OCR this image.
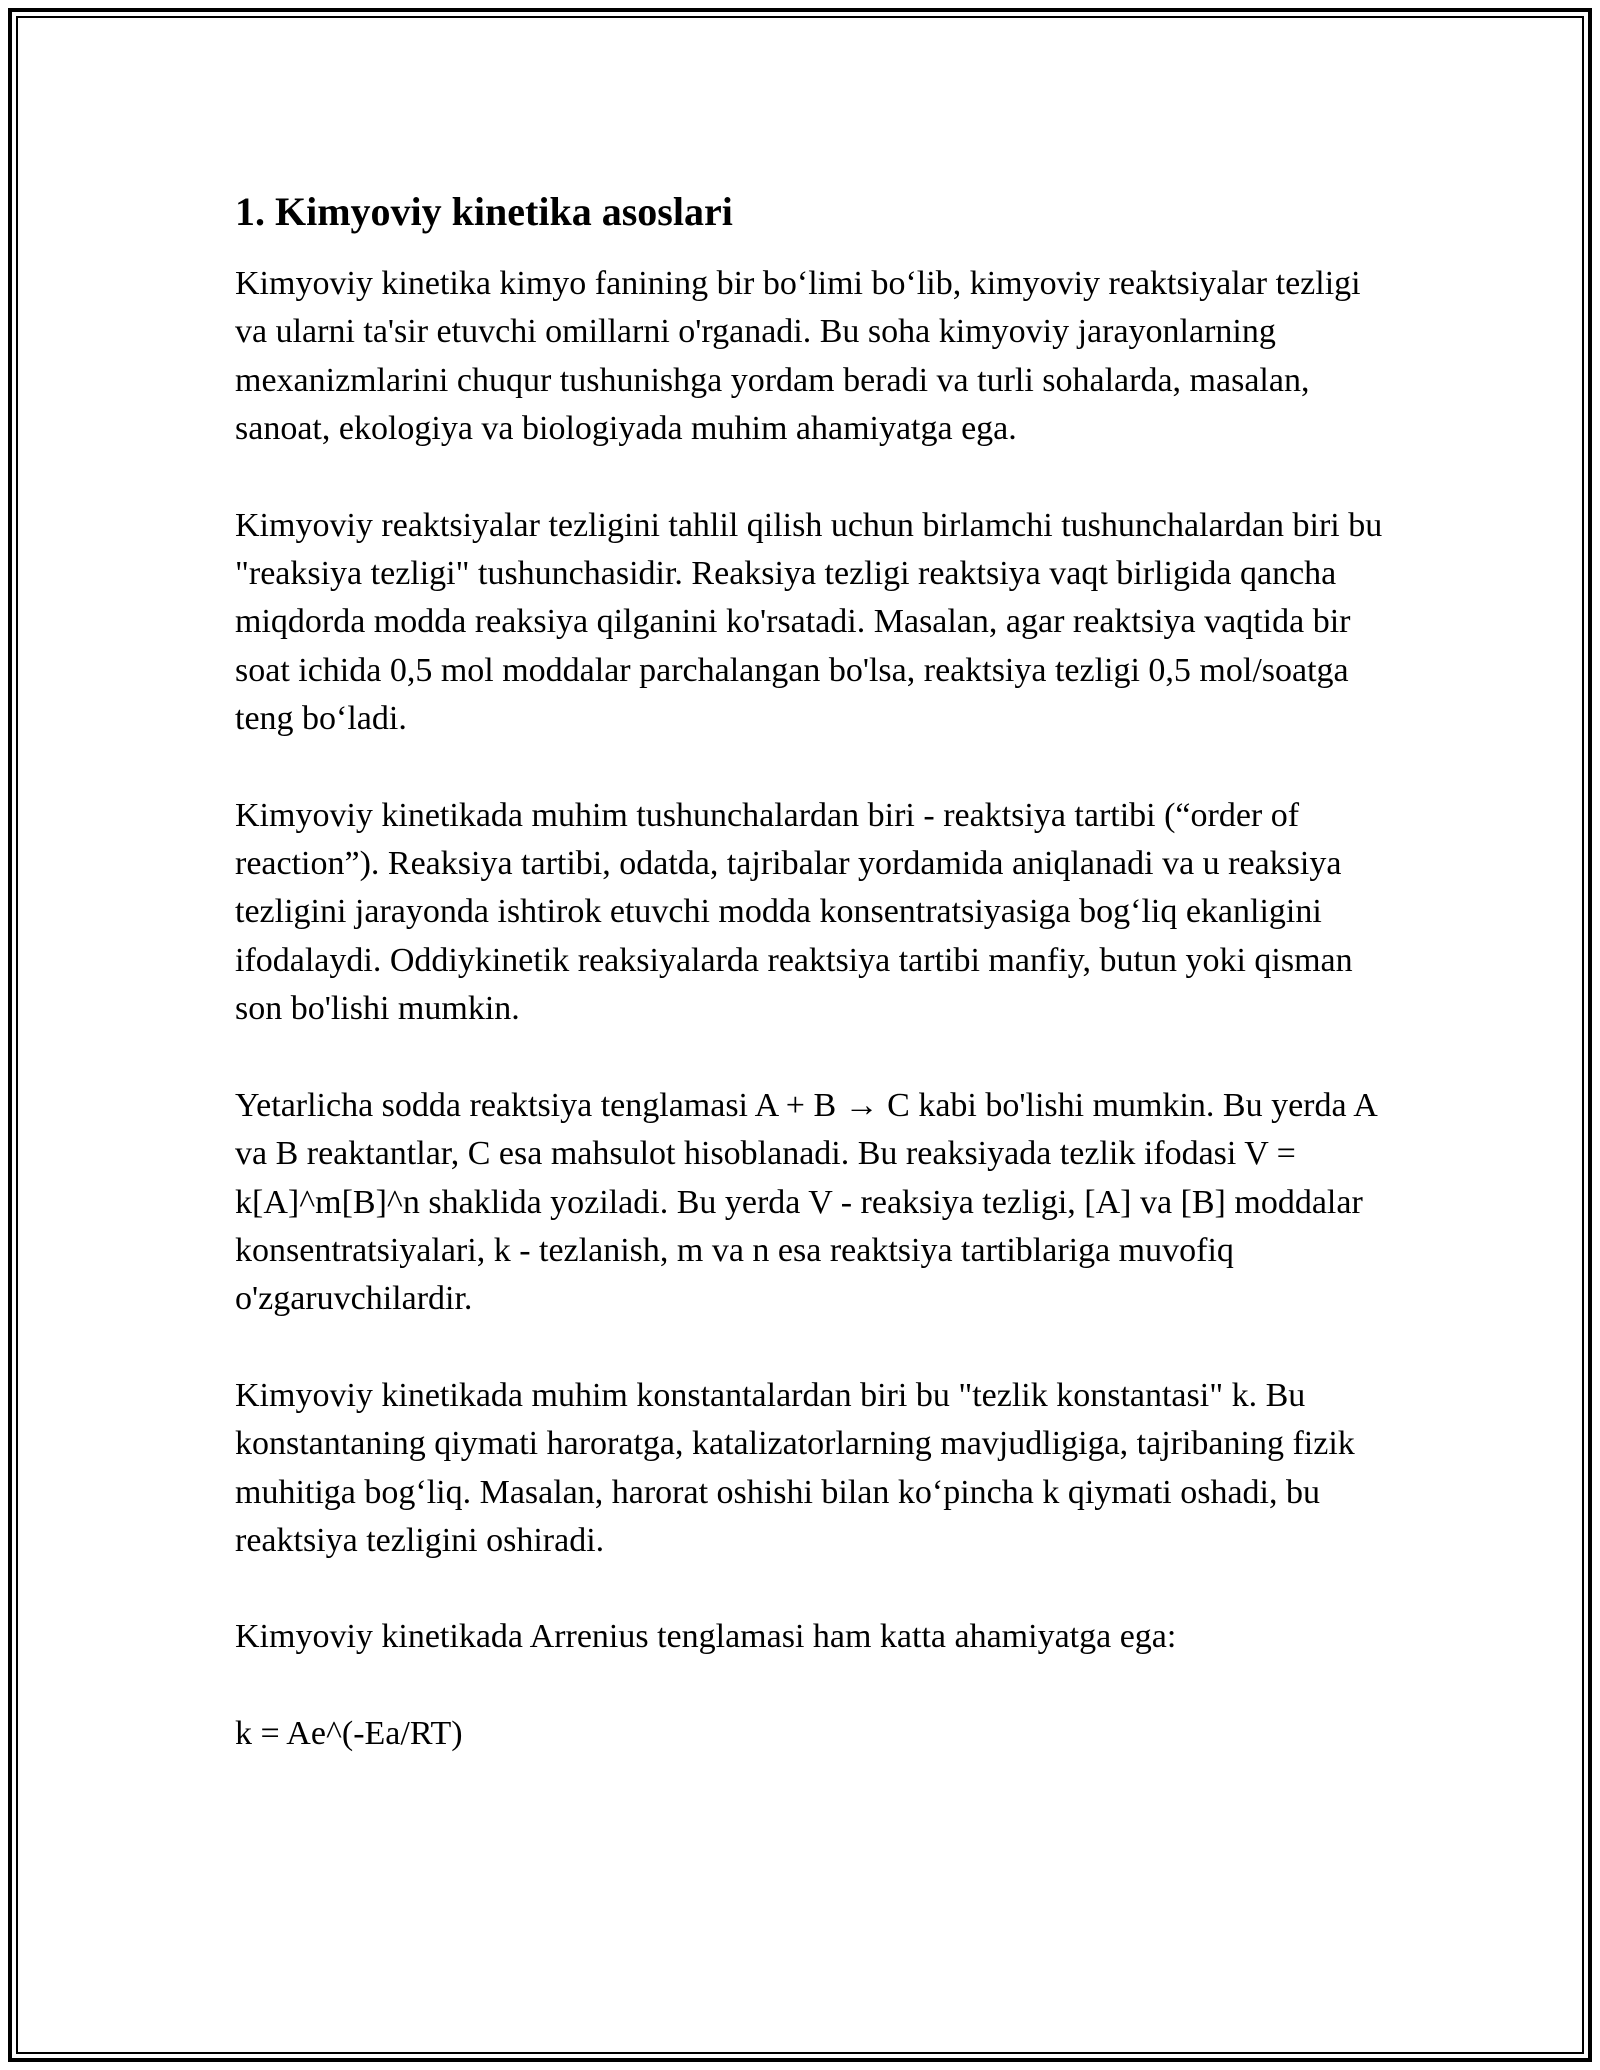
1. Kimyoviy kinetika asoslari

Kimyoviy kinetika kimyo fanining bir bo‘limi bo‘lib, kimyoviy reaktsiyalar tezligi va ularni ta'sir etuvchi omillarni o'rganadi. Bu soha kimyoviy jarayonlarning mexanizmlarini chuqur tushunishga yordam beradi va turli sohalarda, masalan, sanoat, ekologiya va biologiyada muhim ahamiyatga ega.

Kimyoviy reaktsiyalar tezligini tahlil qilish uchun birlamchi tushunchalardan biri bu "reaksiya tezligi" tushunchasidir. Reaksiya tezligi reaktsiya vaqt birligida qancha miqdorda modda reaksiya qilganini ko'rsatadi. Masalan, agar reaktsiya vaqtida bir soat ichida 0,5 mol moddalar parchalangan bo'lsa, reaktsiya tezligi 0,5 mol/soatga teng bo‘ladi.

Kimyoviy kinetikada muhim tushunchalardan biri - reaktsiya tartibi (“order of reaction”). Reaksiya tartibi, odatda, tajribalar yordamida aniqlanadi va u reaksiya tezligini jarayonda ishtirok etuvchi modda konsentratsiyasiga bog‘liq ekanligini ifodalaydi. Oddiykinetik reaksiyalarda reaktsiya tartibi manfiy, butun yoki qisman son bo'lishi mumkin.

Yetarlicha sodda reaktsiya tenglamasi A + B → C kabi bo'lishi mumkin. Bu yerda A va B reaktantlar, C esa mahsulot hisoblanadi. Bu reaksiyada tezlik ifodasi V = k[A]^m[B]^n shaklida yoziladi. Bu yerda V - reaksiya tezligi, [A] va [B] moddalar konsentratsiyalari, k - tezlanish, m va n esa reaktsiya tartiblariga muvofiq o'zgaruvchilardir.

Kimyoviy kinetikada muhim konstantalardan biri bu "tezlik konstantasi" k. Bu konstantaning qiymati haroratga, katalizatorlarning mavjudligiga, tajribaning fizik muhitiga bog‘liq. Masalan, harorat oshishi bilan ko‘pincha k qiymati oshadi, bu reaktsiya tezligini oshiradi.

Kimyoviy kinetikada Arrenius tenglamasi ham katta ahamiyatga ega:

k = Ae^(-Ea/RT)
